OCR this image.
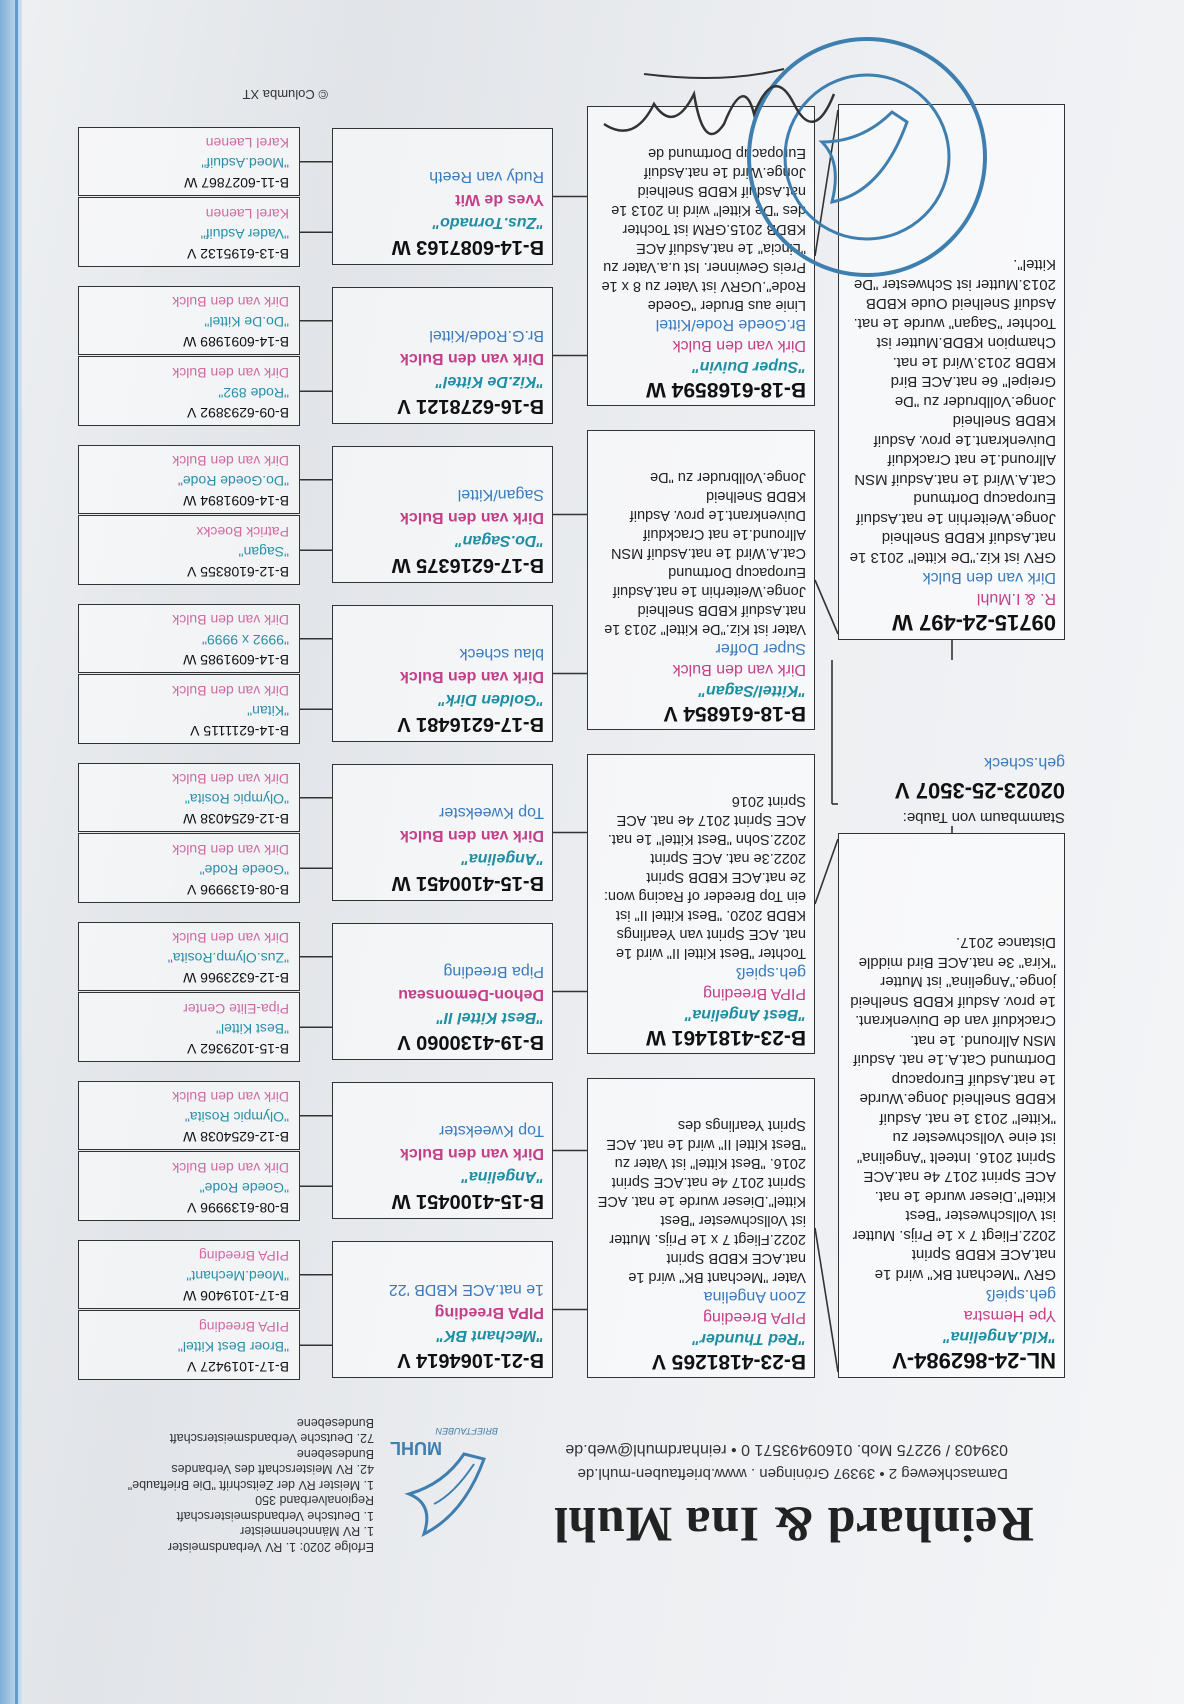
Reinhard & Ina Muhl
Damaschkeweg 2 • 39397 Gröningen . www.brieftauben-muhl.de
039403 / 92275 Mob. 01609493571 0 • reinhardmuhl@web.de
MUHL
BRIEFTAUBEN
Erfolge 2020: 1. RV Verbandsmeister
1. RV Männchenmeister
1. Deutsche Verbandsmeisterschaft
Regionalverband 350
1. Meister RV der Zeitschrift "Die Brieftaube"
42. RV Meisterschaft des Verbandes
Bundesebene
72. Deutsche Verbandsmeisterschaft
Bundesebene
NL-24-862984-V
"Kld.Angelina"
Ype Hemstra
geh.spieß
GRV "Mechant BK" wird 1e nat.ACE KBDB Sprint 2022.Fliegt 7 x 1e Prijs. Mutter ist Vollschwester "Best Kittel".Dieser wurde 1e nat. ACE Sprint 2017 4e nat.ACE Sprint 2016. Inteelt "Angelina" ist eine Vollschwester zu "Kittel" 2013 1e nat. Asduif KBDB Snelheid Jonge.Wurde 1e nat.Asduif Europacup Dortmund Cat.A.1e nat. Asduif MSN Allround. 1e nat. Crackduif van de Duivenkrant. 1e prov. Asduif KBDB Snelheid jonge."Angelina" ist Mutter "Kira" 3e nat.ACE Bird middle Distance 2017.
09715-24-497 W
R. & I.Muhl
Dirk van den Bulck
GRV ist Kiz."De Kittel" 2013 1e nat.Asduif KBDB Snelheid Jonge.Weiterhin 1e nat.Asduif Europacup Dortmund Cat.A.Wird 1e nat.Asduif MSN Allround.1e nat Crackduif Duivenkrant.1e prov. Asduif KBDB Snelheid Jonge.Vollbruder zu "De Greipel" 6e nat.ACE Bird KBDB 2013.Wird 1e nat. Champion KBDB.Mutter ist Tochter "Sagan" wurde 1e nat. Asduif Snelheid Oude KBDB 2013.Mutter ist Schwester "De Kittel".
B-23-4181265 V
"Red Thunder"
PIPA Breeding
Zoon Angelina
Vater "Mechant BK" wird 1e nat.ACE KBDB Sprint 2022.Fliegt 7 x 1e Prijs. Mutter ist Vollschwester "Best Kittel".Dieser wurde 1e nat. ACE Sprint 2017 4e nat.ACE Sprint 2016. "Best Kittel" ist Vater zu "Best Kittel II" wird 1e nat. ACE Sprint Yearlings des
B-23-4181461 W
"Best Angelina"
PIPA Breeding
geh.spieß
Tochter "Best Kittel II" wird 1e nat. ACE Sprint van Yearlings KBDB 2020. "Best Kittel II" ist ein Top Breeder of Racing won: 2e nat.ACE KBDB Sprint 2022.3e nat. ACE Sprint 2022.Sohn "Best Kittel" 1e nat. ACE Sprint 2017 4e nat. ACE Sprint 2016
B-18-616854 V
"Kittel/Sagan"
Dirk van den Bulck
Super Doffer
Vater ist Kiz."De Kittel" 2013 1e nat.Asduif KBDB Snelheid Jonge.Weiterhin 1e nat.Asduif Europacup Dortmund Cat.A.Wird 1e nat.Asduif MSN Allround.1e nat Crackduif Duivenkrant.1e prov. Asduif KBDB Snelheid Jonge.Vollbruder zu "De
B-18-6168594 W
"Super Duivin"
Dirk van den Bulck
Br.Goede Rode/Kittel
Linie aus Bruder "Goede Rode".UGRV ist Vater zu 8 x 1e Preis Gewinner. Ist u.a.Vater zu "Lincia" 1e nat.Asduif ACE KBDB 2015.GRM ist Tochter des "De Kittel" wird in 2013 1e nat.Asduif KBDB Snelheid Jonge.Wird 1e nat.Asduif Europacup Dortmund de
B-21-1064614 V
"Mechant BK"
PIPA Breeding
1e nat.ACE KBDB '22
B-15-4100451 W
"Angelina"
Dirk van den Bulck
Top Kweekster
B-19-4130060 V
"Best Kittel II"
Dehon-Demonseau
Pipa Breeding
B-15-4100451 W
"Angelina"
Dirk van den Bulck
Top Kweekster
B-17-6216481 V
"Golden Dirk"
Dirk van den Bulck
blau scheck
B-17-6216375 W
"Do.Sagan"
Dirk van den Bulck
Sagan/Kittel
B-16-6278121 V
"Kiz.De Kittel"
Dirk van den Bulck
Br.G.Rode/Kittel
B-14-6087163 W
"Zus.Tornado"
Yves de Wit
Rudy van Reeth
B-17-1019427 V
"Broer Best Kittel"
PIPA Breeding
B-17-1019406 W
"Moed.Mechant"
PIPA Breeding
B-08-6139996 V
"Goede Rode"
Dirk van den Bulck
B-12-6254038 W
"Olympic Rosita"
Dirk van den Bulck
B-15-1029362 V
"Best Kittel"
Pipa-Elite Center
B-12-6323966 W
"Zus.Olymp.Rosita"
Dirk van den Bulck
B-08-6139996 V
"Goede Rode"
Dirk van den Bulck
B-12-6254038 W
"Olympic Rosita"
Dirk van den Bulck
B-14-6211115 V
"Kitan"
Dirk van den Bulck
B-14-6091985 W
"9992 x 9999"
Dirk van den Bulck
B-12-6108355 V
"Sagan"
Patrick Boeckx
B-14-6091894 W
"Do.Goede Rode"
Dirk van den Bulck
B-09-6293892 V
"Rode 892"
Dirk van den Bulck
B-14-6091989 W
"Do.De Kittel"
Dirk van den Bulck
B-13-6195132 V
"Vader Asduif"
Karel Laenen
B-11-6027867 W
"Moed.Asduif"
Karel Laenen
Stammbaum von Taube:
02023-25-3507 V
geh.scheck
© Columba XT
